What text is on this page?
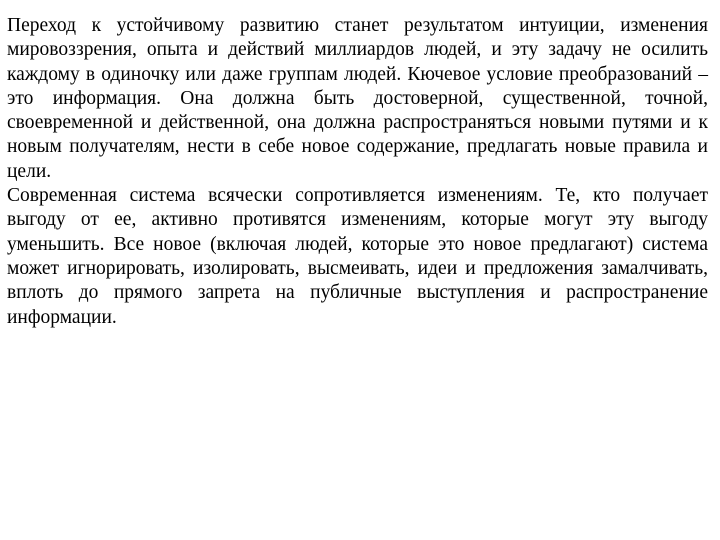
Переход к устойчивому развитию станет результатом интуиции, изменения мировоззрения, опыта и действий миллиардов людей, и эту задачу не осилить каждому в одиночку или даже группам людей. Кючевое условие преобразований – это информация. Она должна быть достоверной, существенной, точной, своевременной и действенной, она должна распространяться новыми путями и к новым получателям, нести в себе новое содержание, предлагать новые правила и цели.

Современная система всячески сопротивляется изменениям. Те, кто получает выгоду от ее, активно противятся изменениям, которые могут эту выгоду уменьшить. Все новое (включая людей, которые это новое предлагают) система может игнорировать, изолировать, высмеивать, идеи и предложения замалчивать, вплоть до прямого запрета на публичные выступления и распространение информации.
